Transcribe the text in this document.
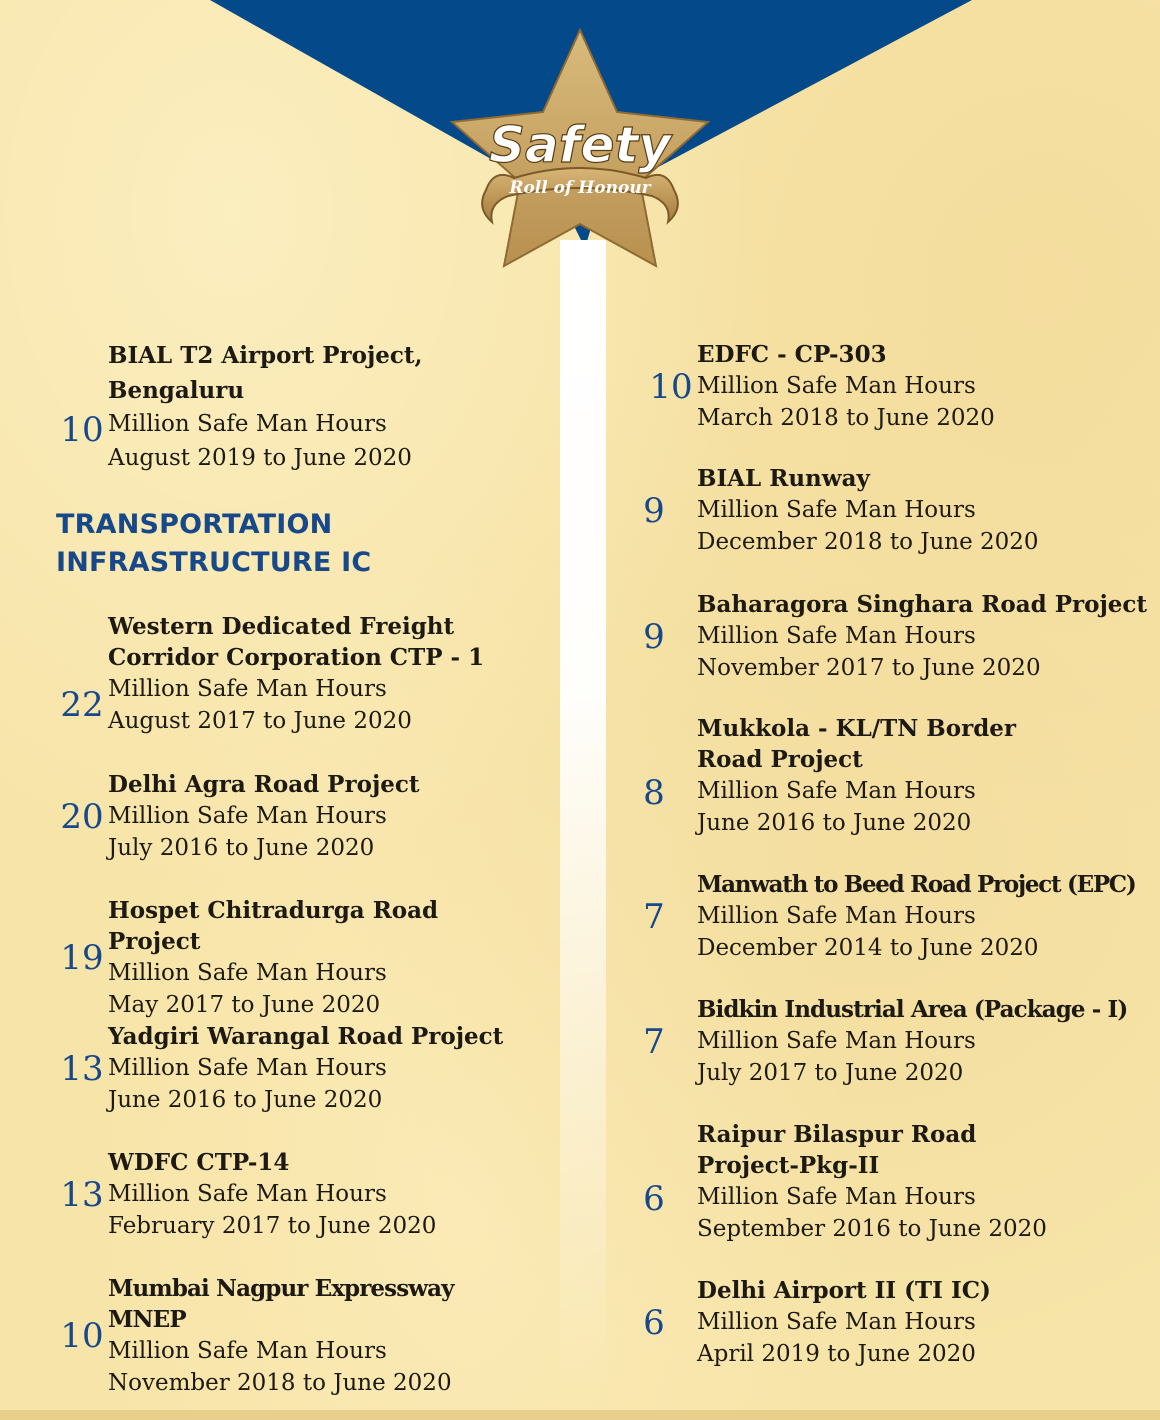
Safety
Roll of Honour
10
BIAL T2 Airport Project, Bengaluru
Million Safe Man Hours
August 2019 to June 2020
TRANSPORTATION
INFRASTRUCTURE IC
22
Western Dedicated Freight Corridor Corporation CTP - 1
Million Safe Man Hours
August 2017 to June 2020
20
Delhi Agra Road Project
Million Safe Man Hours
July 2016 to June 2020
19
Hospet Chitradurga Road Project
Million Safe Man Hours
May 2017 to June 2020
13
Yadgiri Warangal Road Project
Million Safe Man Hours
June 2016 to June 2020
13
WDFC CTP-14
Million Safe Man Hours
February 2017 to June 2020
10
Mumbai Nagpur Expressway MNEP
Million Safe Man Hours
November 2018 to June 2020
10
EDFC - CP-303
Million Safe Man Hours
March 2018 to June 2020
9
BIAL Runway
Million Safe Man Hours
December 2018 to June 2020
9
Baharagora Singhara Road Project
Million Safe Man Hours
November 2017 to June 2020
8
Mukkola - KL/TN Border Road Project
Million Safe Man Hours
June 2016 to June 2020
7
Manwath to Beed Road Project (EPC)
Million Safe Man Hours
December 2014 to June 2020
7
Bidkin Industrial Area (Package - I)
Million Safe Man Hours
July 2017 to June 2020
6
Raipur Bilaspur Road Project-Pkg-II
Million Safe Man Hours
September 2016 to June 2020
6
Delhi Airport II (TI IC)
Million Safe Man Hours
April 2019 to June 2020
